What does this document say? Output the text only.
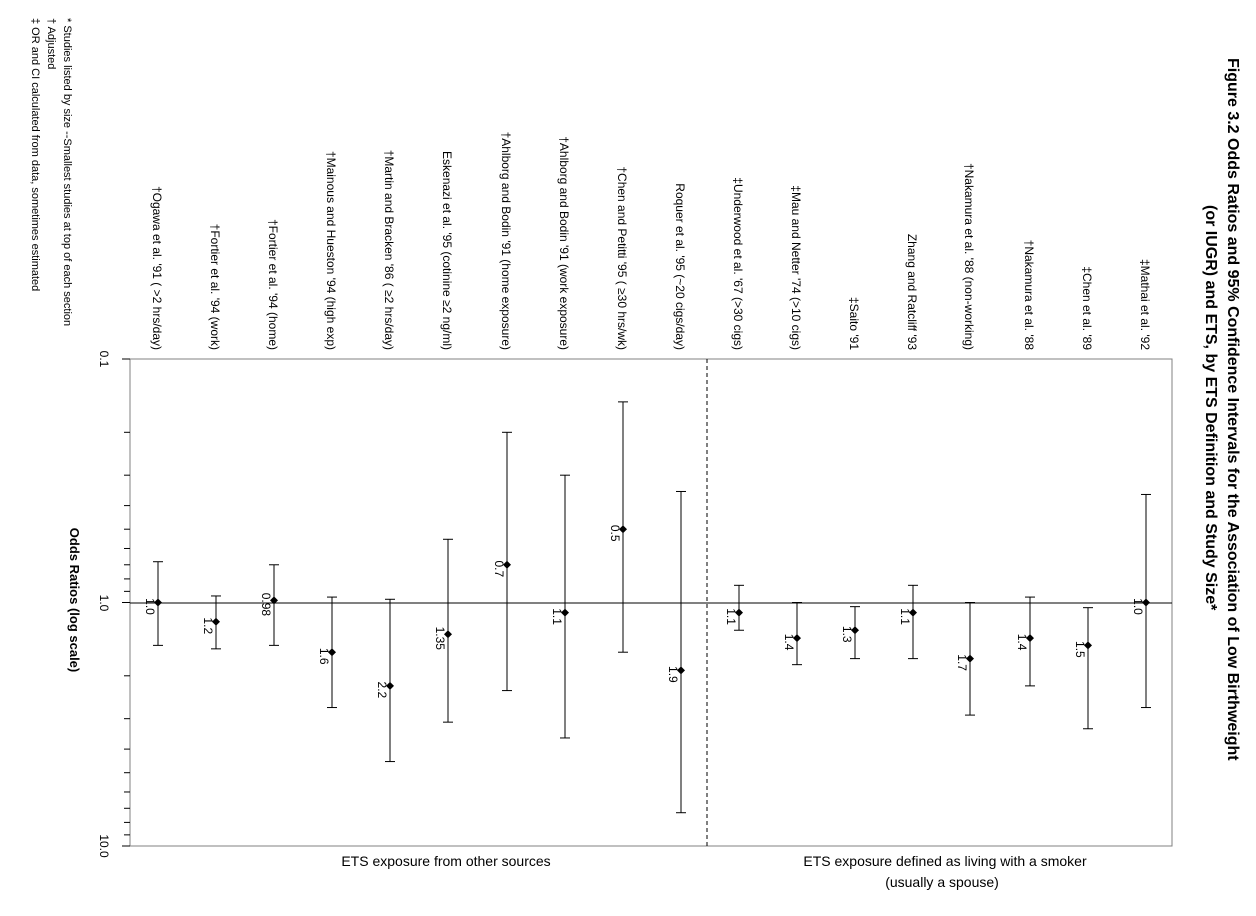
Figure 3.2 Odds Ratios and 95% Confidence Intervals for the Association of Low Birthweight
(or IUGR) and ETS, by ETS Definition and Study Size*
* Studies listed by size --Smallest studies at top of each section
† Adjusted
‡ OR and CI calculated from data, sometimes estimated
0.1
1.0
10.0
Odds Ratios (log scale)
ETS exposure from other sources	ETS exposure defined as living with a smoker
(usually a spouse)
1.0
‡Mathai et al. '92
1.5
‡Chen et al. '89
1.4
†Nakamura et al. '88
1.1
Zhang and Ratcliff '93
1.7
†Nakamura et al. '88 (non-working)
1.3
‡Saito '91
1.4
‡Mau and Netter '74 (>10 cigs)
1.1
‡Underwood et al. '67 (>30 cigs)
1.9
Roquer et al. '95 (~20 cigs/day)
0.5
†Chen and Petitti '95 ( ≥30 hrs/wk)
1.1
†Ahlborg and Bodin '91 (work exposure)
0.7
†Ahlborg and Bodin '91 (home exposure)
1.35
Eskenazi et al. '95 (cotinine ≥2 ng/ml)
2.2
†Martin and Bracken '86 ( ≥2 hrs/day)
1.6
†Mainous and Hueston '94 (high exp)
0.98
†Fortier et al. '94 (home)
1.2
†Fortier et al. '94 (work)
1.0
†Ogawa et al. '91 ( >2 hrs/day)
